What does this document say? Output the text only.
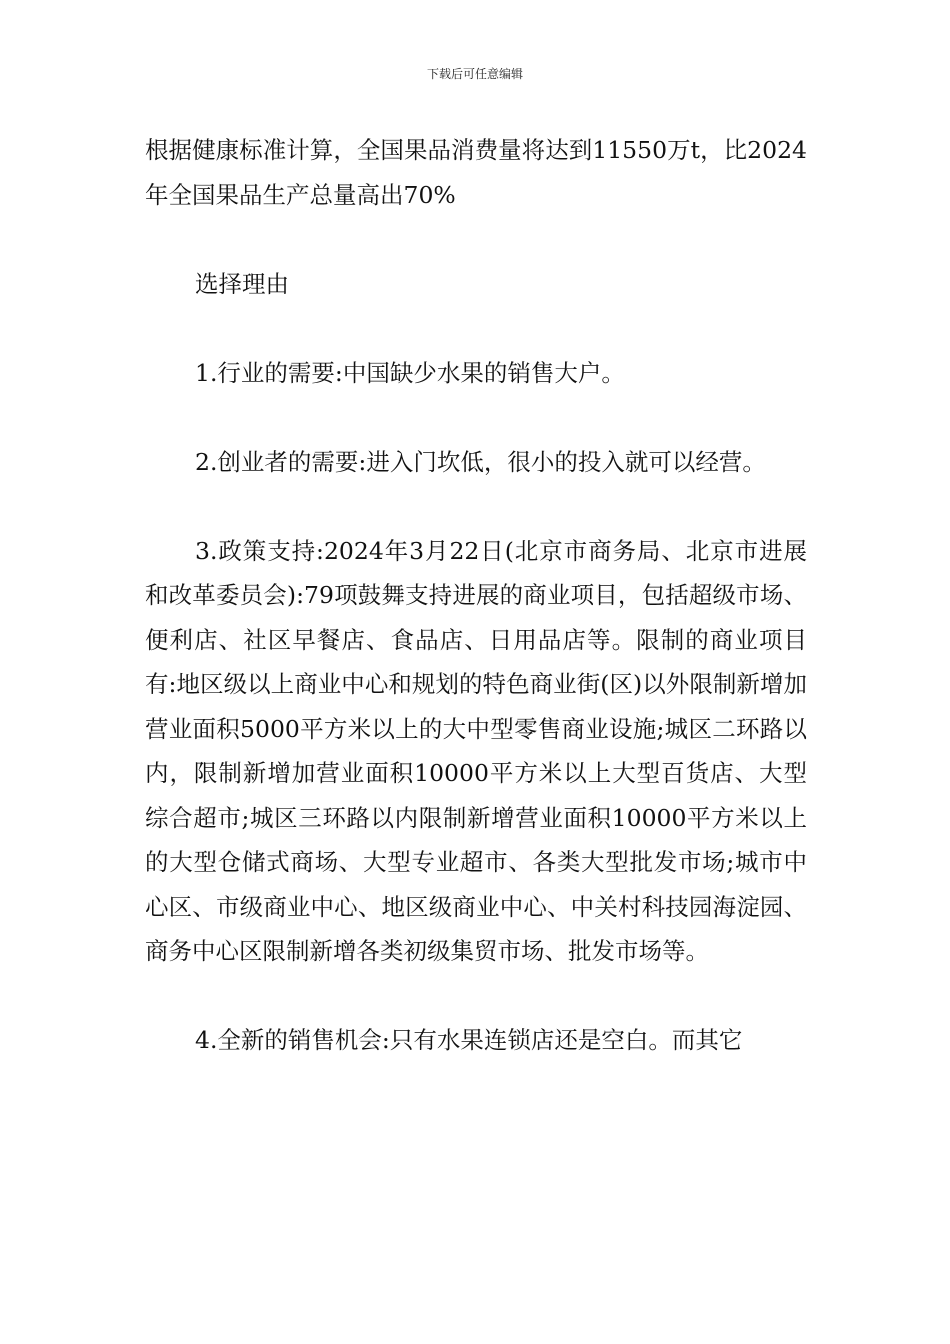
下载后可任意编辑

根据健康标准计算，全国果品消费量将达到11550万t，比2024年全国果品生产总量高出70%

选择理由

1.行业的需要:中国缺少水果的销售大户。

2.创业者的需要:进入门坎低，很小的投入就可以经营。

3.政策支持:2024年3月22日(北京市商务局、北京市进展和改革委员会):79项鼓舞支持进展的商业项目，包括超级市场、便利店、社区早餐店、食品店、日用品店等。限制的商业项目有:地区级以上商业中心和规划的特色商业街(区)以外限制新增加营业面积5000平方米以上的大中型零售商业设施;城区二环路以内，限制新增加营业面积10000平方米以上大型百货店、大型综合超市;城区三环路以内限制新增营业面积10000平方米以上的大型仓储式商场、大型专业超市、各类大型批发市场;城市中心区、市级商业中心、地区级商业中心、中关村科技园海淀园、商务中心区限制新增各类初级集贸市场、批发市场等。

4.全新的销售机会:只有水果连锁店还是空白。而其它
